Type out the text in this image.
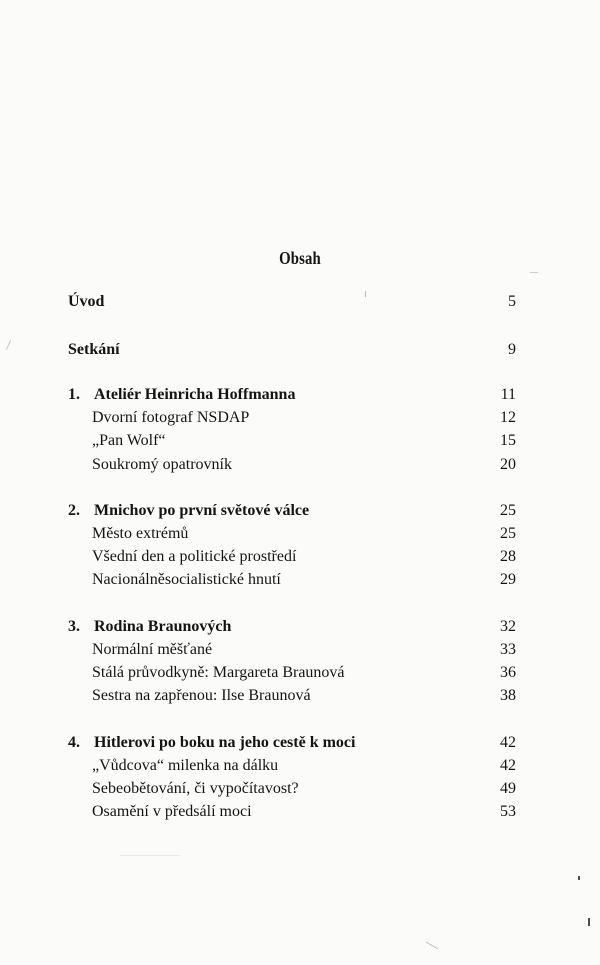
Obsah
Úvod	5
Setkání	9
1. Ateliér Heinricha Hoffmanna	11
Dvorní fotograf NSDAP	12
„Pan Wolf“	15
Soukromý opatrovník	20
2. Mnichov po první světové válce	25
Město extrémů	25
Všední den a politické prostředí	28
Nacionálněsocialistické hnutí	29
3. Rodina Braunových	32
Normální měšťané	33
Stálá průvodkyně: Margareta Braunová	36
Sestra na zapřenou: Ilse Braunová	38
4. Hitlerovi po boku na jeho cestě k moci	42
„Vůdcova“ milenka na dálku	42
Sebeobětování, či vypočítavost?	49
Osamění v předsálí moci	53
